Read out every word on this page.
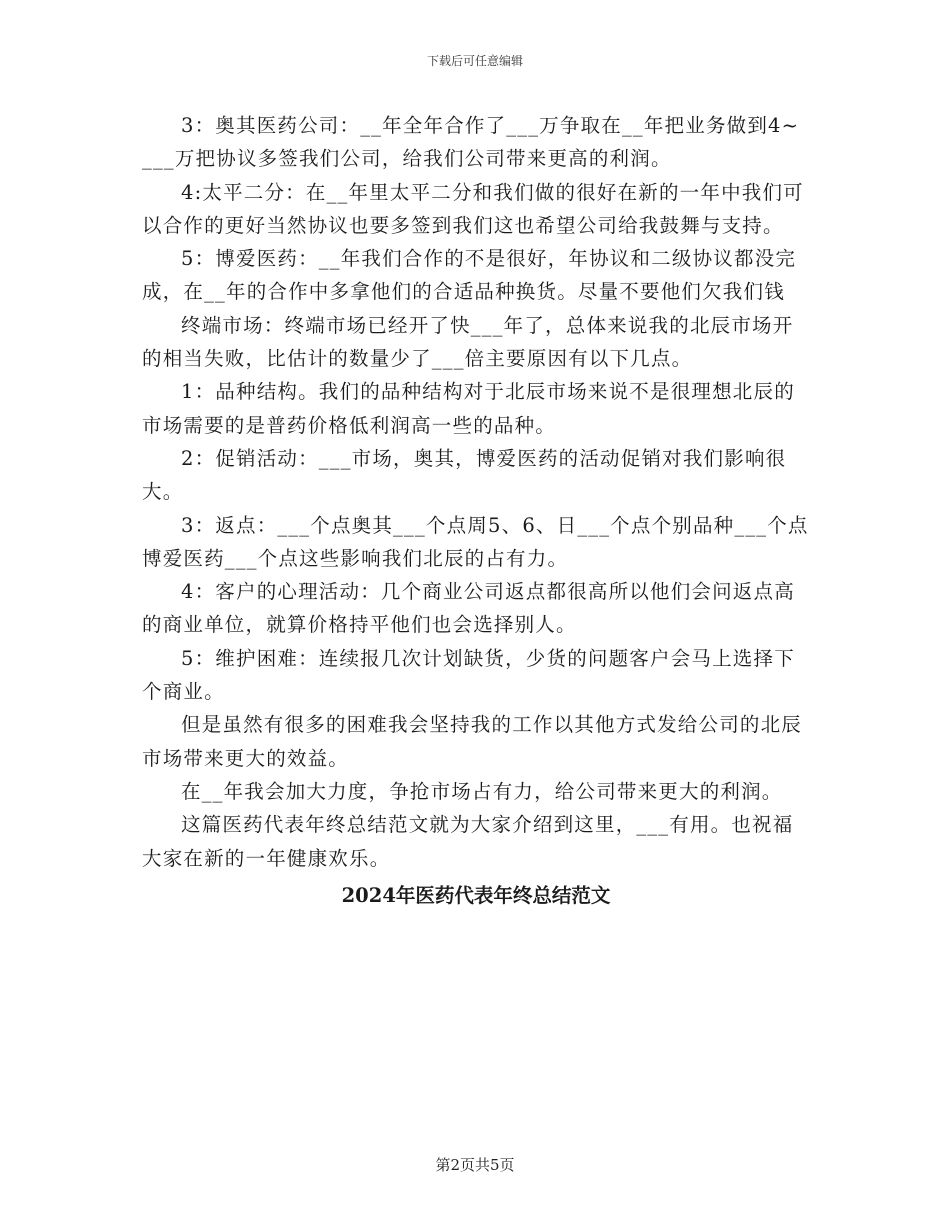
下载后可任意编辑

3：奥其医药公司：__年全年合作了___万争取在__年把业务做到4~___万把协议多签我们公司，给我们公司带来更高的利润。

4:太平二分：在__年里太平二分和我们做的很好在新的一年中我们可以合作的更好当然协议也要多签到我们这也希望公司给我鼓舞与支持。

5：博爱医药：__年我们合作的不是很好，年协议和二级协议都没完成，在__年的合作中多拿他们的合适品种换货。尽量不要他们欠我们钱

终端市场：终端市场已经开了快___年了，总体来说我的北辰市场开的相当失败，比估计的数量少了___倍主要原因有以下几点。

1：品种结构。我们的品种结构对于北辰市场来说不是很理想北辰的市场需要的是普药价格低利润高一些的品种。

2：促销活动：___市场，奥其，博爱医药的活动促销对我们影响很大。

3：返点：___个点奥其___个点周5、6、日___个点个别品种___个点博爱医药___个点这些影响我们北辰的占有力。

4：客户的心理活动：几个商业公司返点都很高所以他们会问返点高的商业单位，就算价格持平他们也会选择别人。

5：维护困难：连续报几次计划缺货，少货的问题客户会马上选择下个商业。

但是虽然有很多的困难我会坚持我的工作以其他方式发给公司的北辰市场带来更大的效益。

在__年我会加大力度，争抢市场占有力，给公司带来更大的利润。

这篇医药代表年终总结范文就为大家介绍到这里，___有用。也祝福大家在新的一年健康欢乐。

2024年医药代表年终总结范文
第2页共5页
